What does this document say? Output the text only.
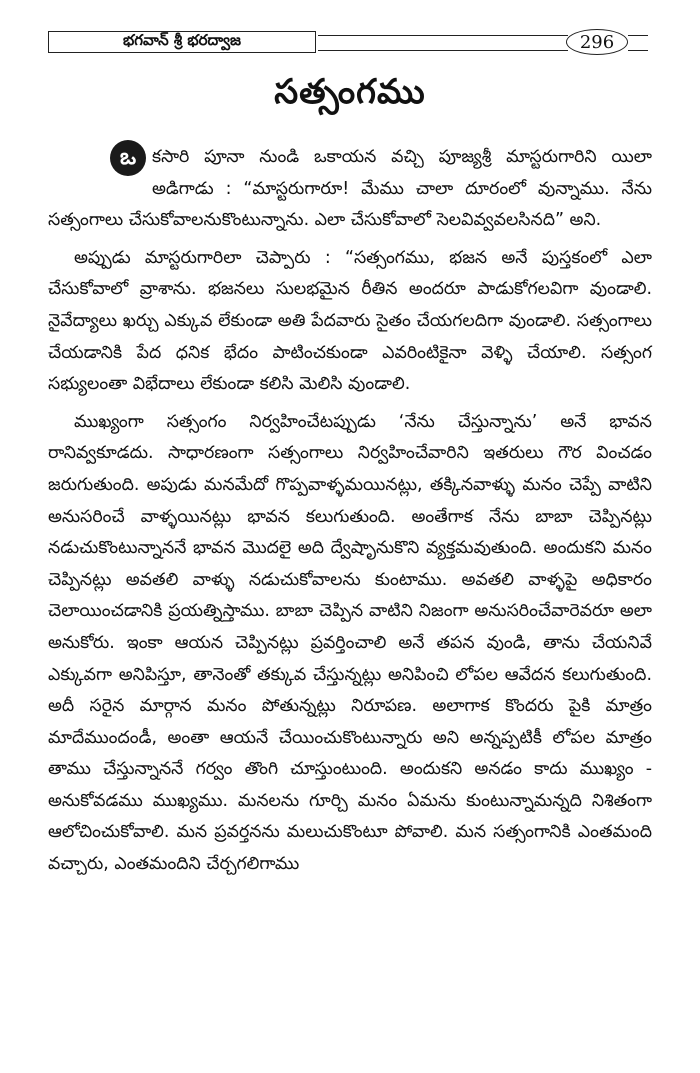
భగవాన్ శ్రీ భరద్వాజ	296
సత్సంగము

ఒ కసారి పూనా నుండి ఒకాయన వచ్చి పూజ్యశ్రీ మాస్టరుగారిని యిలా అడిగాడు : “మాస్టరుగారూ! మేము చాలా దూరంలో వున్నాము. నేను సత్సంగాలు చేసుకోవాలనుకొంటున్నాను. ఎలా చేసుకోవాలో సెలవివ్వవలసినది” అని.

అప్పుడు మాస్టరుగారిలా చెప్పారు : “సత్సంగము, భజన అనే పుస్తకంలో ఎలా చేసుకోవాలో వ్రాశాను. భజనలు సులభమైన రీతిన అందరూ పాడుకోగలవిగా వుండాలి. నైవేద్యాలు ఖర్చు ఎక్కువ లేకుండా అతి పేదవారు సైతం చేయగలదిగా వుండాలి. సత్సంగాలు చేయడానికి పేద ధనిక భేదం పాటించకుండా ఎవరింటికైనా వెళ్ళి చేయాలి. సత్సంగ సభ్యులంతా విభేదాలు లేకుండా కలిసి మెలిసి వుండాలి.

ముఖ్యంగా సత్సంగం నిర్వహించేటప్పుడు ‘నేను చేస్తున్నాను’ అనే భావన రానివ్వకూడదు. సాధారణంగా సత్సంగాలు నిర్వహించేవారిని ఇతరులు గౌర వించడం జరుగుతుంది. అపుడు మనమేదో గొప్పవాళ్ళమయినట్లు, తక్కినవాళ్ళు మనం చెప్పే వాటిని అనుసరించే వాళ్ళయినట్లు భావన కలుగుతుంది. అంతేగాక నేను బాబా చెప్పినట్లు నడుచుకొంటున్నాననే భావన మొదలై అది ద్వేషృానుకొని వ్యక్తమవుతుంది. అందుకని మనం చెప్పినట్లు అవతలి వాళ్ళు నడుచుకోవాలను కుంటాము. అవతలి వాళ్ళపై అధికారం చెలాయించడానికి ప్రయత్నిస్తాము. బాబా చెప్పిన వాటిని నిజంగా అనుసరించేవారెవరూ అలా అనుకోరు. ఇంకా ఆయన చెప్పినట్లు ప్రవర్తించాలి అనే తపన వుండి, తాను చేయనివే ఎక్కువగా అనిపిస్తూ, తానెంతో తక్కువ చేస్తున్నట్లు అనిపించి లోపల ఆవేదన కలుగుతుంది. అదీ సరైన మార్గాన మనం పోతున్నట్లు నిరూపణ. అలాగాక కొందరు పైకి మాత్రం మాదేముందండీ, అంతా ఆయనే చేయించుకొంటున్నారు అని అన్నప్పటికీ లోపల మాత్రం తాము చేస్తున్నాననే గర్వం తొంగి చూస్తుంటుంది. అందుకని అనడం కాదు ముఖ్యం - అనుకోవడము ముఖ్యము. మనలను గూర్చి మనం ఏమను కుంటున్నామన్నది నిశితంగా ఆలోచించుకోవాలి. మన ప్రవర్తనను మలుచుకొంటూ పోవాలి. మన సత్సంగానికి ఎంతమంది వచ్చారు, ఎంతమందిని చేర్చగలిగాము
